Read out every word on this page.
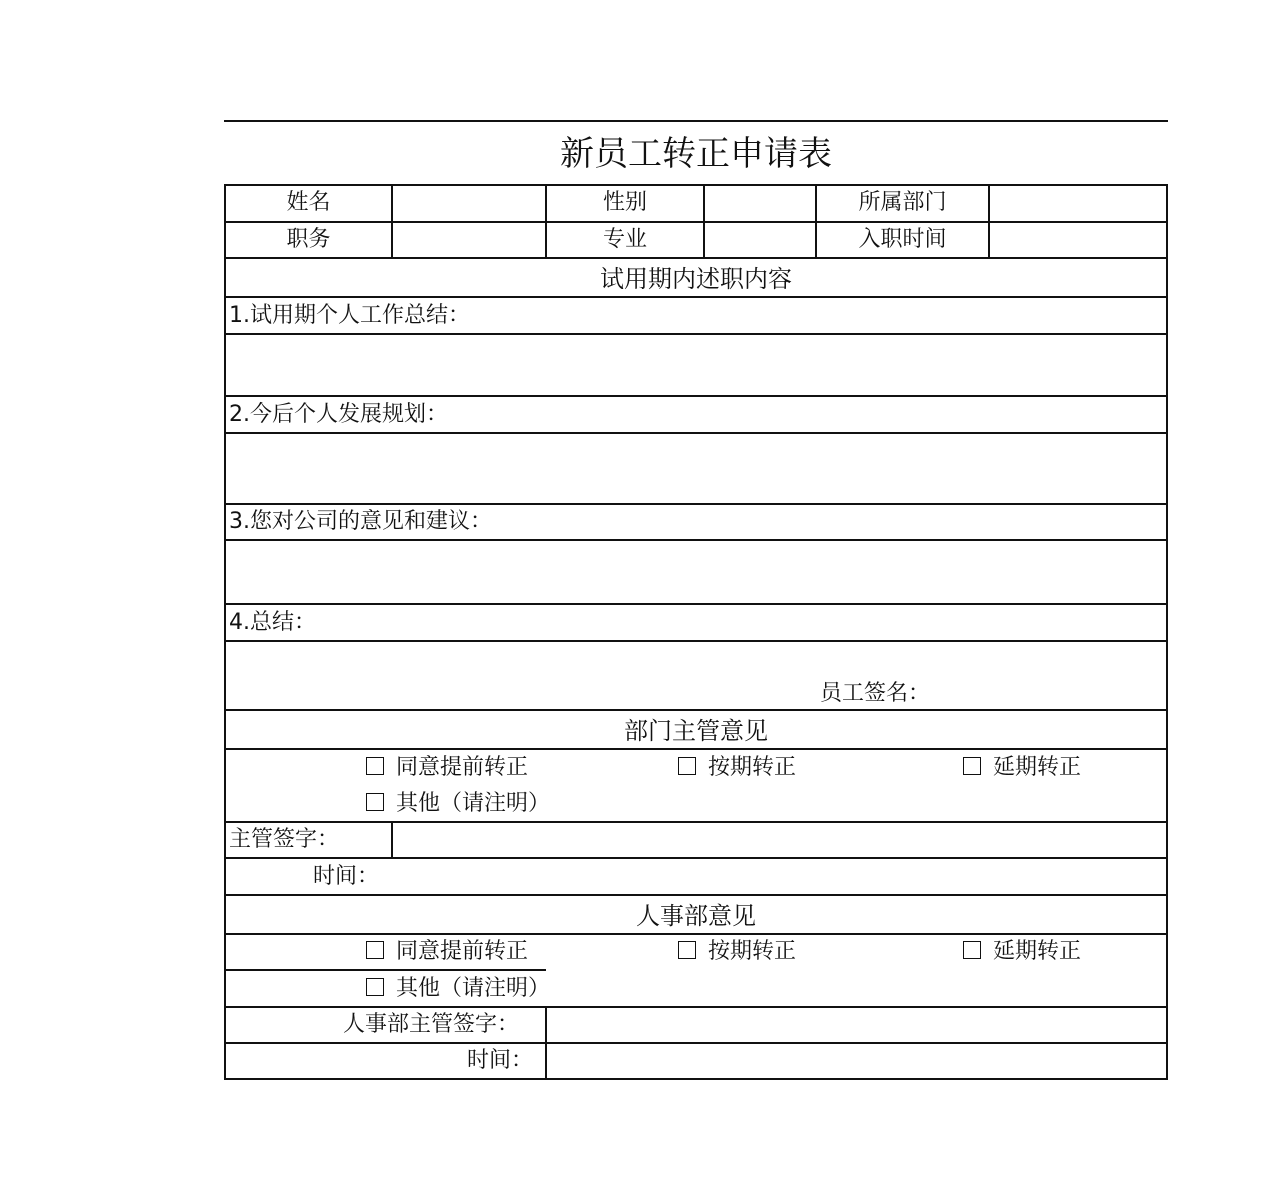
新员工转正申请表
姓名	性别	所属部门
职务	专业	入职时间
试用期内述职内容
1.试用期个人工作总结：
2.今后个人发展规划：
3.您对公司的意见和建议：
4.总结：
员工签名：
部门主管意见
同意提前转正	按期转正	延期转正
其他（请注明）
主管签字：
时间：
人事部意见
同意提前转正	按期转正	延期转正
其他（请注明）
人事部主管签字：
时间：
